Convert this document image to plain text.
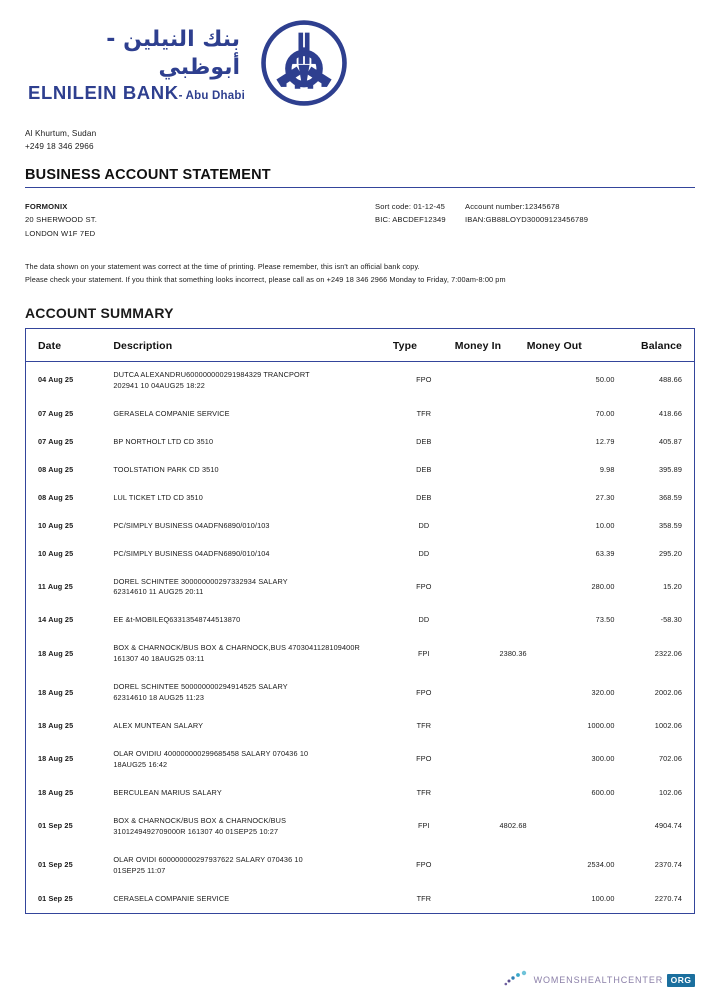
بنك النيلين - أبوظبي
ELNILEIN BANK- Abu Dhabi
Al Khurtum, Sudan
+249 18 346 2966
BUSINESS ACCOUNT STATEMENT
FORMONIX
20 SHERWOOD ST.
LONDON W1F 7ED
Sort code: 01-12-45	Account number:12345678
BIC: ABCDEF12349	IBAN:GB88LOYD30009123456789
The data shown on your statement was correct at the time of printing. Please remember, this isn't an official bank copy.
Please check your statement. If you think that something looks incorrect, please call as on +249 18 346 2966 Monday to Friday, 7:00am-8:00 pm
ACCOUNT SUMMARY
Date	Description	Type	Money In	Money Out	Balance
04 Aug 25	DUTCA ALEXANDRU600000000291984329 TRANCPORT
202941 10 04AUG25 18:22	FPO		50.00	488.66
07 Aug 25	GERASELA COMPANIE SERVICE	TFR		70.00	418.66
07 Aug 25	BP NORTHOLT LTD CD 3510	DEB		12.79	405.87
08 Aug 25	TOOLSTATION PARK CD 3510	DEB		9.98	395.89
08 Aug 25	LUL TICKET LTD CD 3510	DEB		27.30	368.59
10 Aug 25	PC/SIMPLY BUSINESS 04ADFN6890/010/103	DD		10.00	358.59
10 Aug 25	PC/SIMPLY BUSINESS 04ADFN6890/010/104	DD		63.39	295.20
11 Aug 25	DOREL SCHINTEE 300000000297332934 SALARY
62314610 11 AUG25 20:11	FPO		280.00	15.20
14 Aug 25	EE &t-MOBILEQ63313548744513870	DD		73.50	-58.30
18 Aug 25	BOX & CHARNOCK/BUS BOX & CHARNOCK,BUS 4703041128109400R
161307 40 18AUG25 03:11	FPI	2380.36		2322.06
18 Aug 25	DOREL SCHINTEE 500000000294914525 SALARY
62314610 18 AUG25 11:23	FPO		320.00	2002.06
18 Aug 25	ALEX MUNTEAN SALARY	TFR		1000.00	1002.06
18 Aug 25	OLAR OVIDIU 400000000299685458 SALARY 070436 10
18AUG25 16:42	FPO		300.00	702.06
18 Aug 25	BERCULEAN MARIUS SALARY	TFR		600.00	102.06
01 Sep 25	BOX & CHARNOCK/BUS BOX & CHARNOCK/BUS
3101249492709000R 161307 40 01SEP25 10:27	FPI	4802.68		4904.74
01 Sep 25	OLAR OVIDI 600000000297937622 SALARY 070436 10
01SEP25 11:07	FPO		2534.00	2370.74
01 Sep 25	CERASELA COMPANIE SERVICE	TFR		100.00	2270.74
WOMENSHEALTHCENTER ORG
